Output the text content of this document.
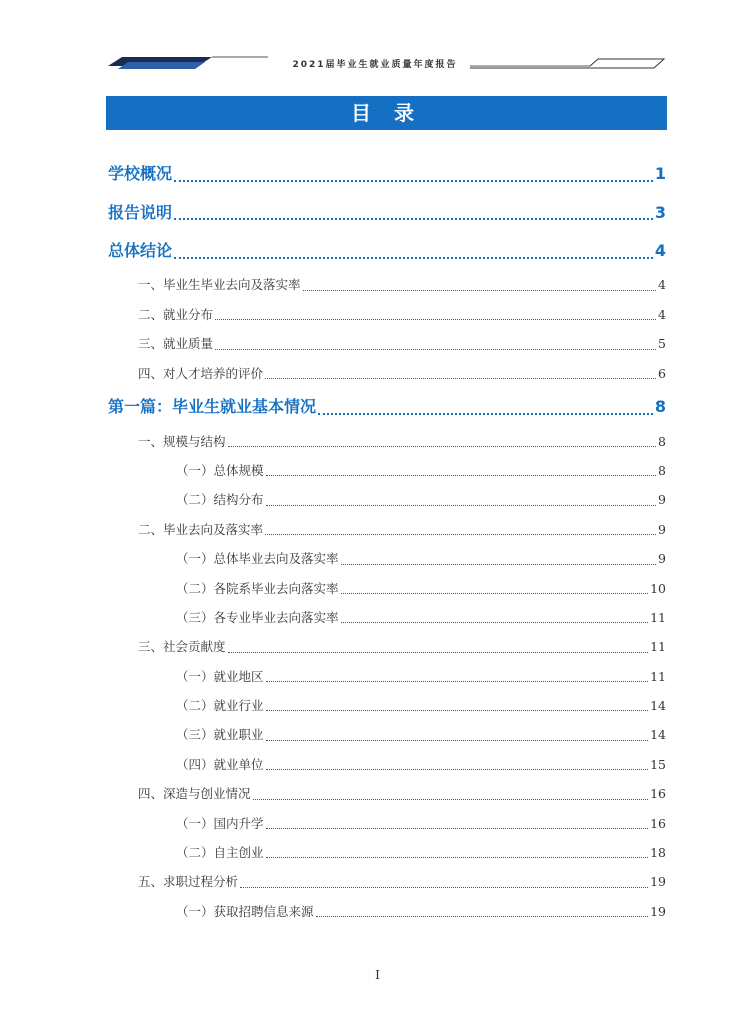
2021届毕业生就业质量年度报告
目 录
学校概况	1
报告说明	3
总体结论	4
一、毕业生毕业去向及落实率	4
二、就业分布	4
三、就业质量	5
四、对人才培养的评价	6
第一篇：毕业生就业基本情况	8
一、规模与结构	8
（一）总体规模	8
（二）结构分布	9
二、毕业去向及落实率	9
（一）总体毕业去向及落实率	9
（二）各院系毕业去向落实率	10
（三）各专业毕业去向落实率	11
三、社会贡献度	11
（一）就业地区	11
（二）就业行业	14
（三）就业职业	14
（四）就业单位	15
四、深造与创业情况	16
（一）国内升学	16
（二）自主创业	18
五、求职过程分析	19
（一）获取招聘信息来源	19
I
